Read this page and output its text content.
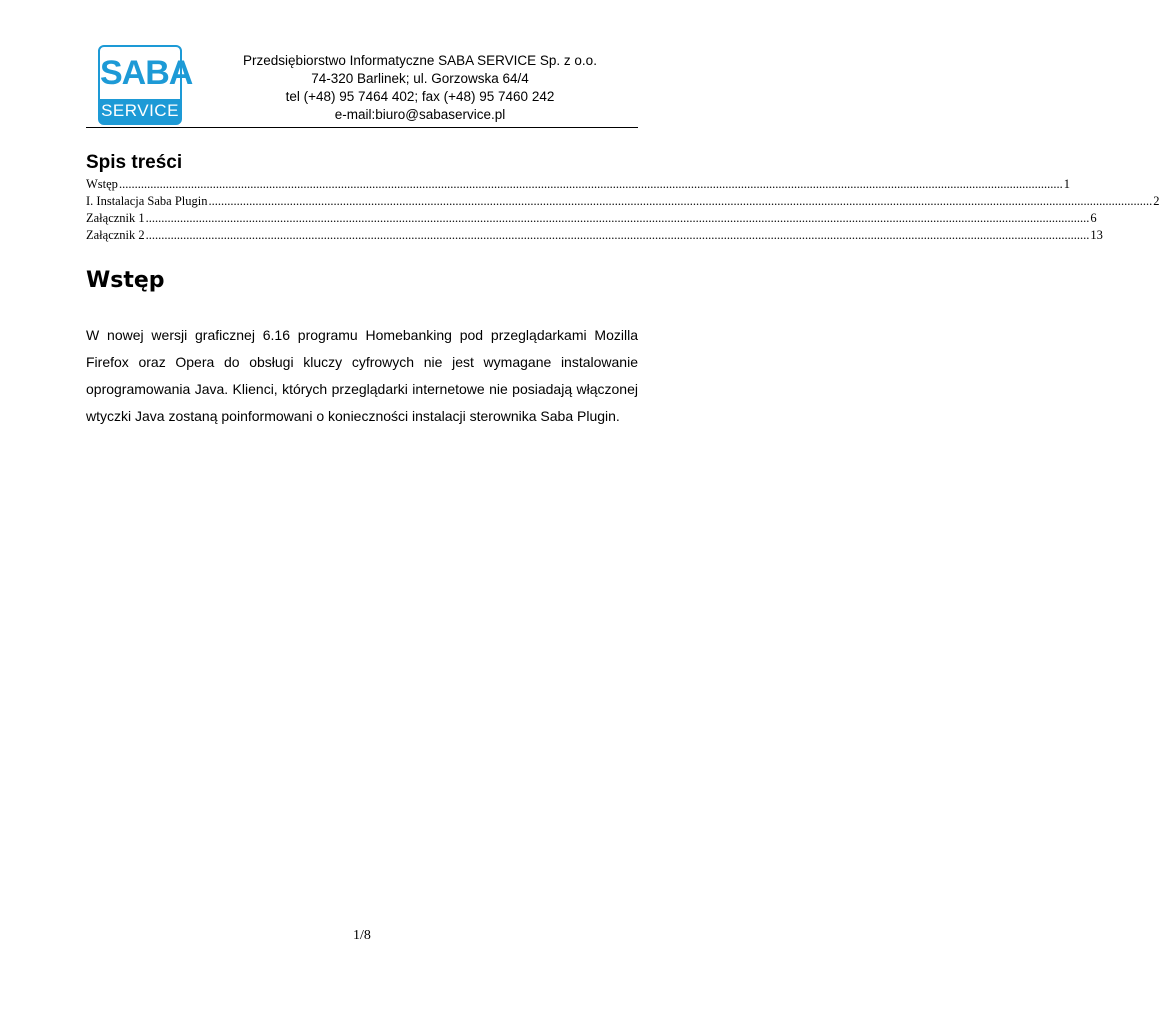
SABA
SERVICE
Przedsiębiorstwo Informatyczne SABA SERVICE Sp. z o.o.
74-320 Barlinek; ul. Gorzowska 64/4
tel (+48) 95 7464 402; fax (+48) 95 7460 242
e-mail:biuro@sabaservice.pl
Spis treści
Wstęp .....	1
I. Instalacja Saba Plugin .....	2
Załącznik 1 .....	6
Załącznik 2 .....	13
Wstęp

W nowej wersji graficznej 6.16 programu Homebanking pod przeglądarkami Mozilla Firefox oraz Opera do obsługi kluczy cyfrowych nie jest wymagane instalowanie oprogramowania Java. Klienci, których przeglądarki internetowe nie posiadają włączonej wtyczki Java zostaną poinformowani o konieczności instalacji sterownika Saba Plugin.

1/8
